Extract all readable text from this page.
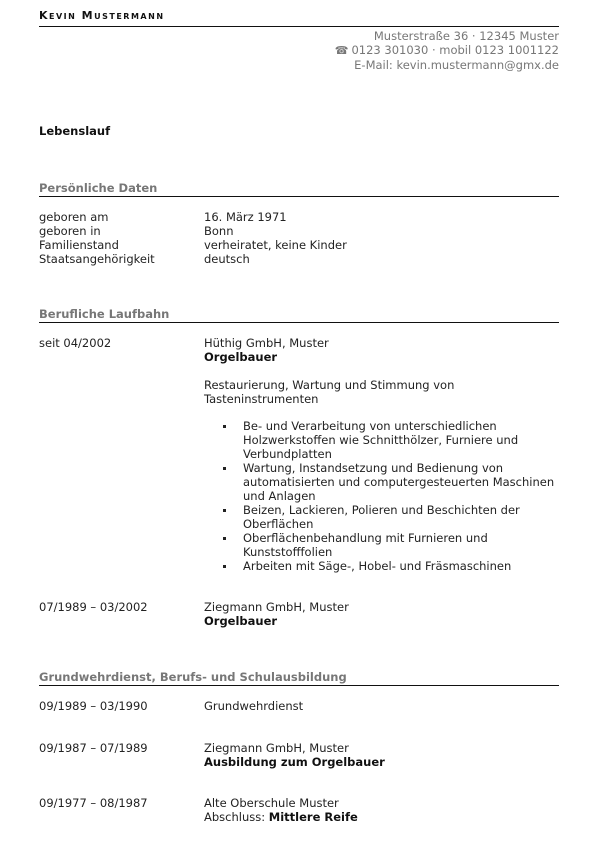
Kevin Mustermann
Musterstraße 36 · 12345 Muster
☎ 0123 301030 · mobil 0123 1001122
E-Mail: kevin.mustermann@gmx.de
Lebenslauf
Persönliche Daten
geboren am	16. März 1971
geboren in	Bonn
Familienstand	verheiratet, keine Kinder
Staatsangehörigkeit	deutsch
Berufliche Laufbahn
seit 04/2002	Hüthig GmbH, Muster
Orgelbauer
Restaurierung, Wartung und Stimmung von Tasteninstrumenten
Be- und Verarbeitung von unterschiedlichen Holzwerkstoffen wie Schnitthölzer, Furniere und Verbundplatten
Wartung, Instandsetzung und Bedienung von automatisierten und computergesteuerten Maschinen und Anlagen
Beizen, Lackieren, Polieren und Beschichten der Oberflächen
Oberflächenbehandlung mit Furnieren und Kunststofffolien
Arbeiten mit Säge-, Hobel- und Fräsmaschinen
07/1989 – 03/2002	Ziegmann GmbH, Muster
Orgelbauer
Grundwehrdienst, Berufs- und Schulausbildung
09/1989 – 03/1990	Grundwehrdienst
09/1987 – 07/1989	Ziegmann GmbH, Muster
Ausbildung zum Orgelbauer
09/1977 – 08/1987	Alte Oberschule Muster
Abschluss: Mittlere Reife
